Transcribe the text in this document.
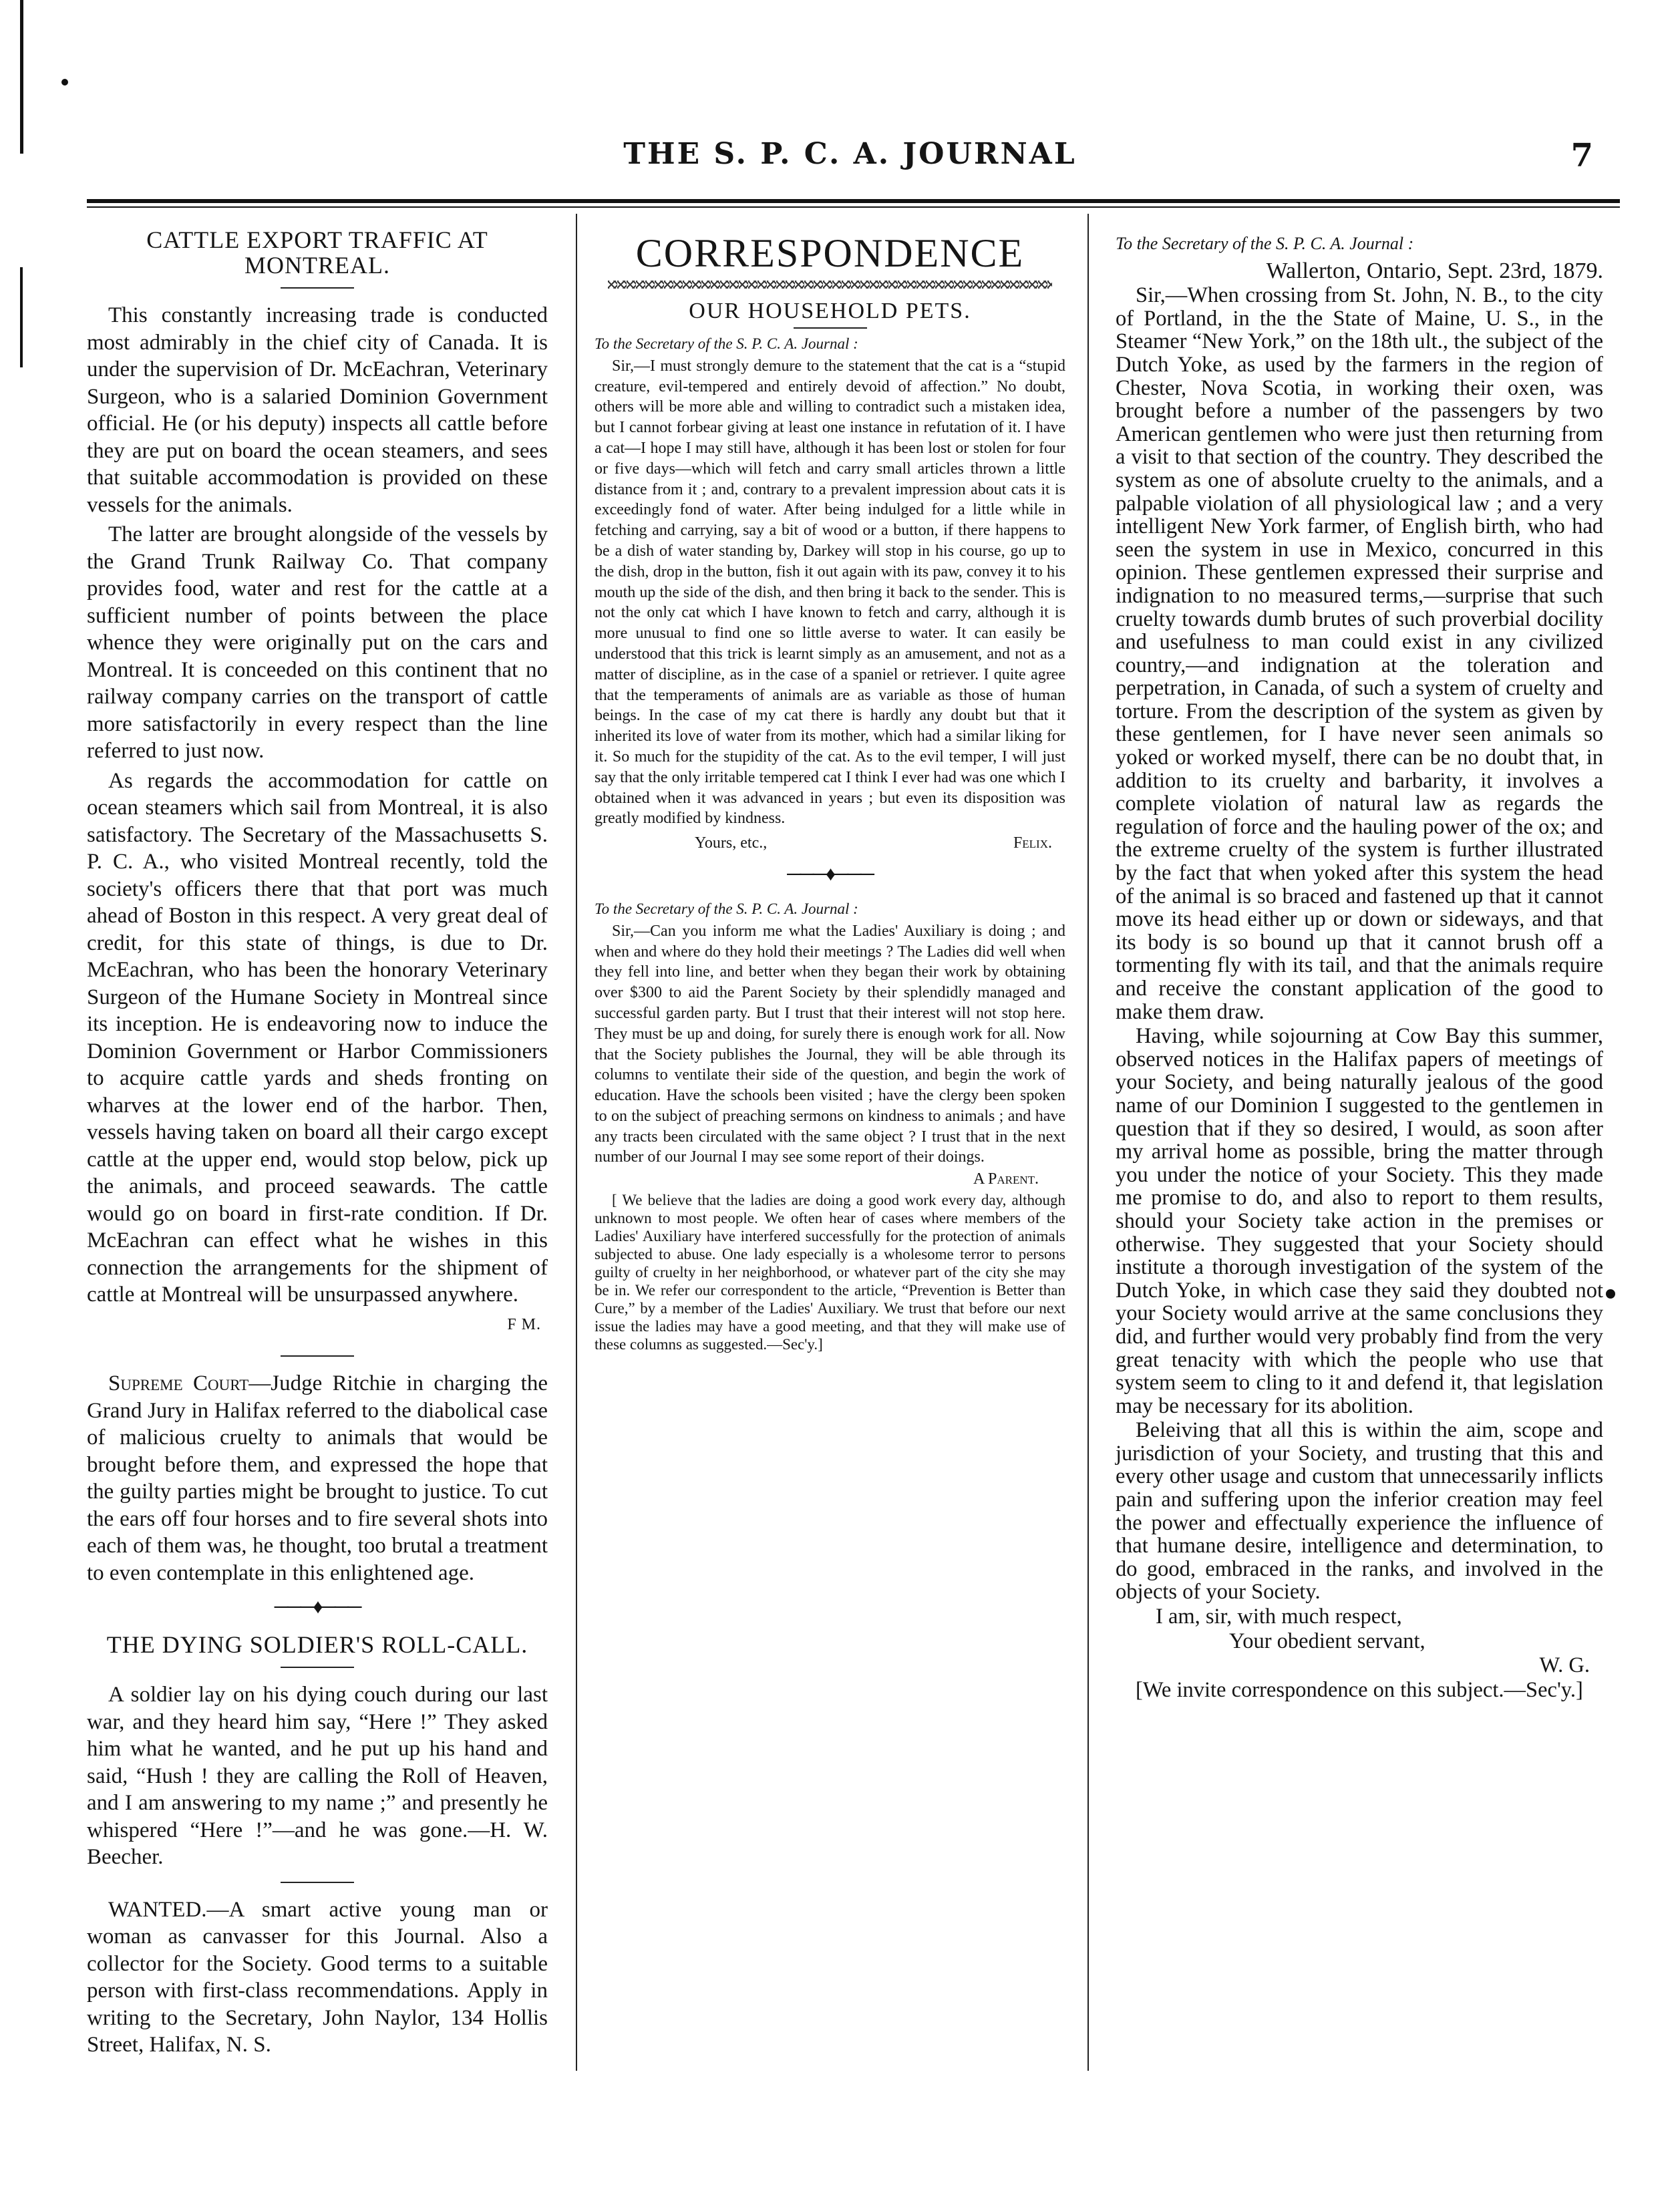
THE S. P. C. A. JOURNAL	7
CATTLE EXPORT TRAFFIC AT MONTREAL.

This constantly increasing trade is conducted most admirably in the chief city of Canada. It is under the supervision of Dr. McEachran, Veterinary Surgeon, who is a salaried Dominion Government official. He (or his deputy) inspects all cattle before they are put on board the ocean steamers, and sees that suitable accommodation is provided on these vessels for the animals.

The latter are brought alongside of the vessels by the Grand Trunk Railway Co. That company provides food, water and rest for the cattle at a sufficient number of points between the place whence they were originally put on the cars and Montreal. It is conceeded on this continent that no railway company carries on the transport of cattle more satisfactorily in every respect than the line referred to just now.

As regards the accommodation for cattle on ocean steamers which sail from Montreal, it is also satisfactory. The Secretary of the Massachusetts S. P. C. A., who visited Montreal recently, told the society's officers there that that port was much ahead of Boston in this respect. A very great deal of credit, for this state of things, is due to Dr. McEachran, who has been the honorary Veterinary Surgeon of the Humane Society in Montreal since its inception. He is endeavoring now to induce the Dominion Government or Harbor Commissioners to acquire cattle yards and sheds fronting on wharves at the lower end of the harbor. Then, vessels having taken on board all their cargo except cattle at the upper end, would stop below, pick up the animals, and proceed seawards. The cattle would go on board in first-rate condition. If Dr. McEachran can effect what he wishes in this connection the arrangements for the shipment of cattle at Montreal will be unsurpassed anywhere.

F M.

Supreme Court—Judge Ritchie in charging the Grand Jury in Halifax referred to the diabolical case of malicious cruelty to animals that would be brought before them, and expressed the hope that the guilty parties might be brought to justice. To cut the ears off four horses and to fire several shots into each of them was, he thought, too brutal a treatment to even contemplate in this enlightened age.

───♦───
THE DYING SOLDIER'S ROLL-CALL.

A soldier lay on his dying couch during our last war, and they heard him say, “Here !” They asked him what he wanted, and he put up his hand and said, “Hush ! they are calling the Roll of Heaven, and I am answering to my name ;” and presently he whispered “Here !”—and he was gone.—H. W. Beecher.

WANTED.—A smart active young man or woman as canvasser for this Journal. Also a collector for the Society. Good terms to a suitable person with first-class recommendations. Apply in writing to the Secretary, John Naylor, 134 Hollis Street, Halifax, N. S.

CORRESPONDENCE
OUR HOUSEHOLD PETS.

To the Secretary of the S. P. C. A. Journal :

Sir,—I must strongly demure to the statement that the cat is a “stupid creature, evil-tempered and entirely devoid of affection.” No doubt, others will be more able and willing to contradict such a mistaken idea, but I cannot forbear giving at least one instance in refutation of it. I have a cat—I hope I may still have, although it has been lost or stolen for four or five days—which will fetch and carry small articles thrown a little distance from it ; and, contrary to a prevalent impression about cats it is exceedingly fond of water. After being indulged for a little while in fetching and carrying, say a bit of wood or a button, if there happens to be a dish of water standing by, Darkey will stop in his course, go up to the dish, drop in the button, fish it out again with its paw, convey it to his mouth up the side of the dish, and then bring it back to the sender. This is not the only cat which I have known to fetch and carry, although it is more unusual to find one so little averse to water. It can easily be understood that this trick is learnt simply as an amusement, and not as a matter of discipline, as in the case of a spaniel or retriever. I quite agree that the temperaments of animals are as variable as those of human beings. In the case of my cat there is hardly any doubt but that it inherited its love of water from its mother, which had a similar liking for it. So much for the stupidity of the cat. As to the evil temper, I will just say that the only irritable tempered cat I think I ever had was one which I obtained when it was advanced in years ; but even its disposition was greatly modified by kindness.

Yours, etc.,	Felix.
───♦───

To the Secretary of the S. P. C. A. Journal :

Sir,—Can you inform me what the Ladies' Auxiliary is doing ; and when and where do they hold their meetings ? The Ladies did well when they fell into line, and better when they began their work by obtaining over $300 to aid the Parent Society by their splendidly managed and successful garden party. But I trust that their interest will not stop here. They must be up and doing, for surely there is enough work for all. Now that the Society publishes the Journal, they will be able through its columns to ventilate their side of the question, and begin the work of education. Have the schools been visited ; have the clergy been spoken to on the subject of preaching sermons on kindness to animals ; and have any tracts been circulated with the same object ? I trust that in the next number of our Journal I may see some report of their doings.

A Parent.

[ We believe that the ladies are doing a good work every day, although unknown to most people. We often hear of cases where members of the Ladies' Auxiliary have interfered successfully for the protection of animals subjected to abuse. One lady especially is a wholesome terror to persons guilty of cruelty in her neighborhood, or whatever part of the city she may be in. We refer our correspondent to the article, “Prevention is Better than Cure,” by a member of the Ladies' Auxiliary. We trust that before our next issue the ladies may have a good meeting, and that they will make use of these columns as suggested.—Sec'y.]

To the Secretary of the S. P. C. A. Journal :

Wallerton, Ontario, Sept. 23rd, 1879.

Sir,—When crossing from St. John, N. B., to the city of Portland, in the the State of Maine, U. S., in the Steamer “New York,” on the 18th ult., the subject of the Dutch Yoke, as used by the farmers in the region of Chester, Nova Scotia, in working their oxen, was brought before a number of the passengers by two American gentlemen who were just then returning from a visit to that section of the country. They described the system as one of absolute cruelty to the animals, and a palpable violation of all physiological law ; and a very intelligent New York farmer, of English birth, who had seen the system in use in Mexico, concurred in this opinion. These gentlemen expressed their surprise and indignation to no measured terms,—surprise that such cruelty towards dumb brutes of such proverbial docility and usefulness to man could exist in any civilized country,—and indignation at the toleration and perpetration, in Canada, of such a system of cruelty and torture. From the description of the system as given by these gentlemen, for I have never seen animals so yoked or worked myself, there can be no doubt that, in addition to its cruelty and barbarity, it involves a complete violation of natural law as regards the regulation of force and the hauling power of the ox; and the extreme cruelty of the system is further illustrated by the fact that when yoked after this system the head of the animal is so braced and fastened up that it cannot move its head either up or down or sideways, and that its body is so bound up that it cannot brush off a tormenting fly with its tail, and that the animals require and receive the constant application of the good to make them draw.

Having, while sojourning at Cow Bay this summer, observed notices in the Halifax papers of meetings of your Society, and being naturally jealous of the good name of our Dominion I suggested to the gentlemen in question that if they so desired, I would, as soon after my arrival home as possible, bring the matter through you under the notice of your Society. This they made me promise to do, and also to report to them results, should your Society take action in the premises or otherwise. They suggested that your Society should institute a thorough investigation of the system of the Dutch Yoke, in which case they said they doubted not your Society would arrive at the same conclusions they did, and further would very probably find from the very great tenacity with which the people who use that system seem to cling to it and defend it, that legislation may be necessary for its abolition.

Beleiving that all this is within the aim, scope and jurisdiction of your Society, and trusting that this and every other usage and custom that unnecessarily inflicts pain and suffering upon the inferior creation may feel the power and effectually experience the influence of that humane desire, intelligence and determination, to do good, embraced in the ranks, and involved in the objects of your Society.

I am, sir, with much respect,

Your obedient servant,

W. G.

[We invite correspondence on this subject.—Sec'y.]
